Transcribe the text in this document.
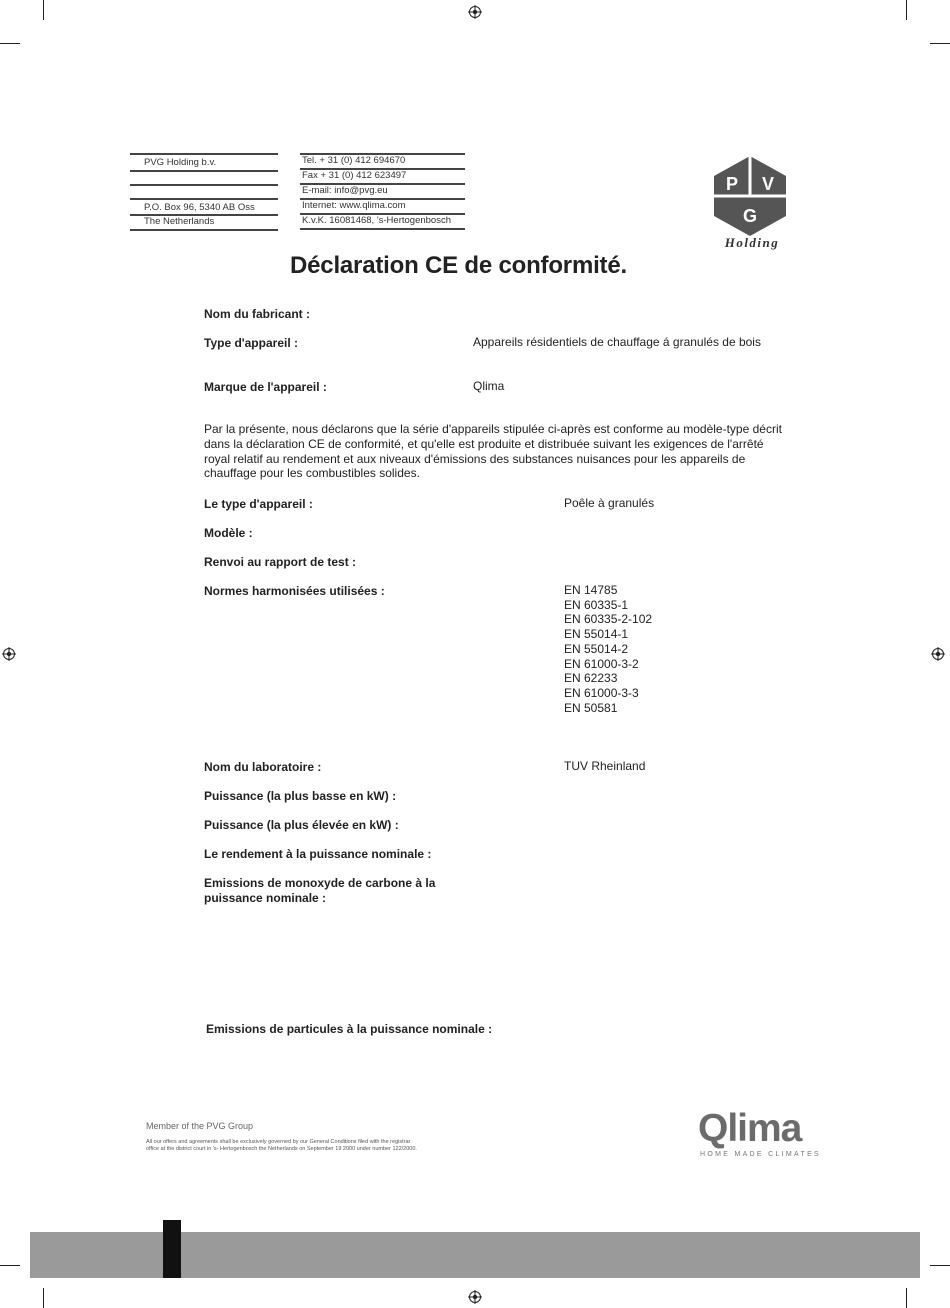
PVG Holding b.v.
P.O. Box 96, 5340 AB Oss
The Netherlands
Tel. + 31 (0) 412 694670
Fax + 31 (0) 412 623497
E-mail: info@pvg.eu
Internet: www.qlima.com
K.v.K. 16081468, 's-Hertogenbosch
P V
G
Holding
Déclaration CE de conformité.
Nom du fabricant :
Type d'appareil :	Appareils résidentiels de chauffage á granulés de bois
Marque de l'appareil :	Qlima
Par la présente, nous déclarons que la série d'appareils stipulée ci-après est conforme au modèle-type décrit dans la déclaration CE de conformité, et qu'elle est produite et distribuée suivant les exigences de l'arrêté royal relatif au rendement et aux niveaux d'émissions des substances nuisances pour les appareils de chauffage pour les combustibles solides.
Le type d'appareil :	Poêle à granulés
Modèle :
Renvoi au rapport de test :
Normes harmonisées utilisées :	EN 14785
EN 60335-1
EN 60335-2-102
EN 55014-1
EN 55014-2
EN 61000-3-2
EN 62233
EN 61000-3-3
EN 50581
Nom du laboratoire :	TUV Rheinland
Puissance (la plus basse en kW) :
Puissance (la plus élevée en kW) :
Le rendement à la puissance nominale :
Emissions de monoxyde de carbone à la
puissance nominale :
Emissions de particules à la puissance nominale :
Member of the PVG Group
All our offers and agreements shall be exclusively governed by our General Conditions filed with the registrar
office at the district court in 's- Hertogenbosch the Netherlands on September 19 2000 under number 122/2000.	Qlima
HOME MADE CLIMATES
